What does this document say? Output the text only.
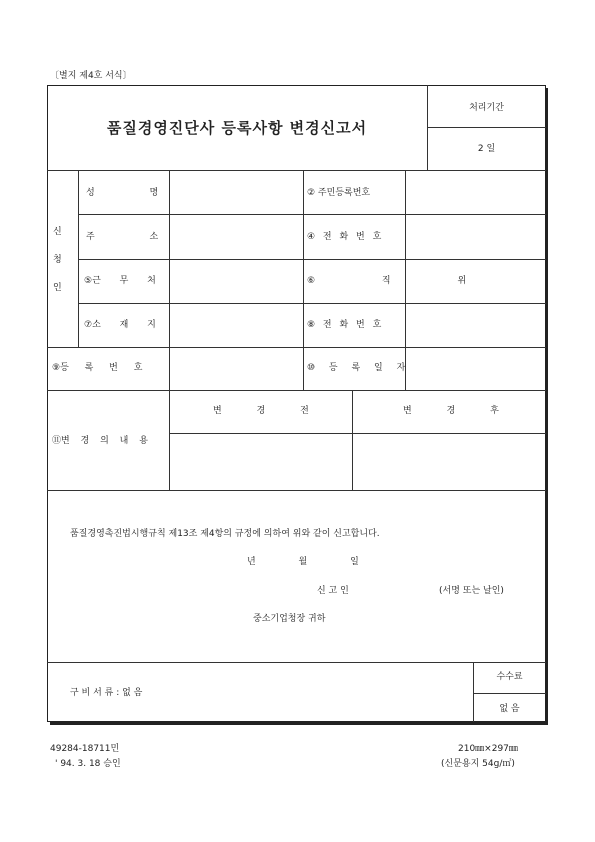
〔별지 제4호 서식〕
품질경영진단사 등록사항 변경신고서
처리기간
2 일
신
청
인
성 명	② 주민등록번호
주 소	④ 전 화 번 호
⑤근 무 처	⑥ 직 위
⑦소 재 지	⑧ 전 화 번 호
⑨등 록 번 호	⑩ 등 록 일 자
⑪변 경 의 내 용
변 경 전	변 경 후
품질경영촉진법시행규칙 제13조 제4항의 규정에 의하여 위와 같이 신고합니다.
년 월 일
신 고 인	(서명 또는 날인)
중소기업청장 귀하
구 비 서 류 : 없 음
수수료
없 음
49284-18711민
' 94. 3. 18 승인
210㎜×297㎜
(신문용지 54g/㎡)
